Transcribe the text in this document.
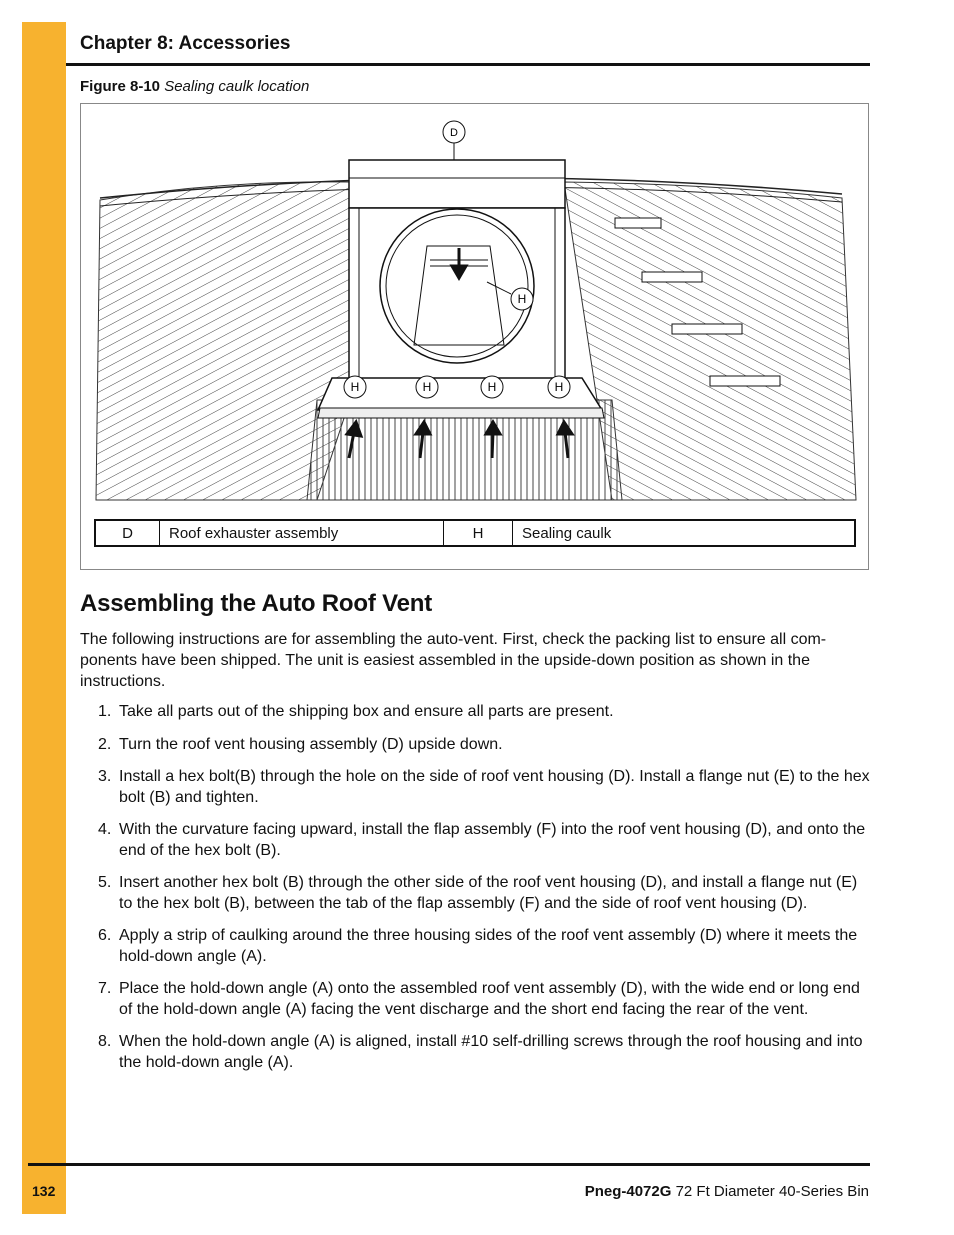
Chapter 8: Accessories
Figure 8-10 Sealing caulk location
D
H
H	H	H	H
D	Roof exhauster assembly	H	Sealing caulk
Assembling the Auto Roof Vent
The following instructions are for assembling the auto-vent. First, check the packing list to ensure all com-ponents have been shipped. The unit is easiest assembled in the upside-down position as shown in the instructions.
1. Take all parts out of the shipping box and ensure all parts are present.
2. Turn the roof vent housing assembly (D) upside down.
3. Install a hex bolt(B) through the hole on the side of roof vent housing (D). Install a flange nut (E) to the hex bolt (B) and tighten.
4. With the curvature facing upward, install the flap assembly (F) into the roof vent housing (D), and onto the end of the hex bolt (B).
5. Insert another hex bolt (B) through the other side of the roof vent housing (D), and install a flange nut (E) to the hex bolt (B), between the tab of the flap assembly (F) and the side of roof vent housing (D).
6. Apply a strip of caulking around the three housing sides of the roof vent assembly (D) where it meets the hold-down angle (A).
7. Place the hold-down angle (A) onto the assembled roof vent assembly (D), with the wide end or long end of the hold-down angle (A) facing the vent discharge and the short end facing the rear of the vent.
8. When the hold-down angle (A) is aligned, install #10 self-drilling screws through the roof housing and into the hold-down angle (A).
132	Pneg-4072G 72 Ft Diameter 40-Series Bin
